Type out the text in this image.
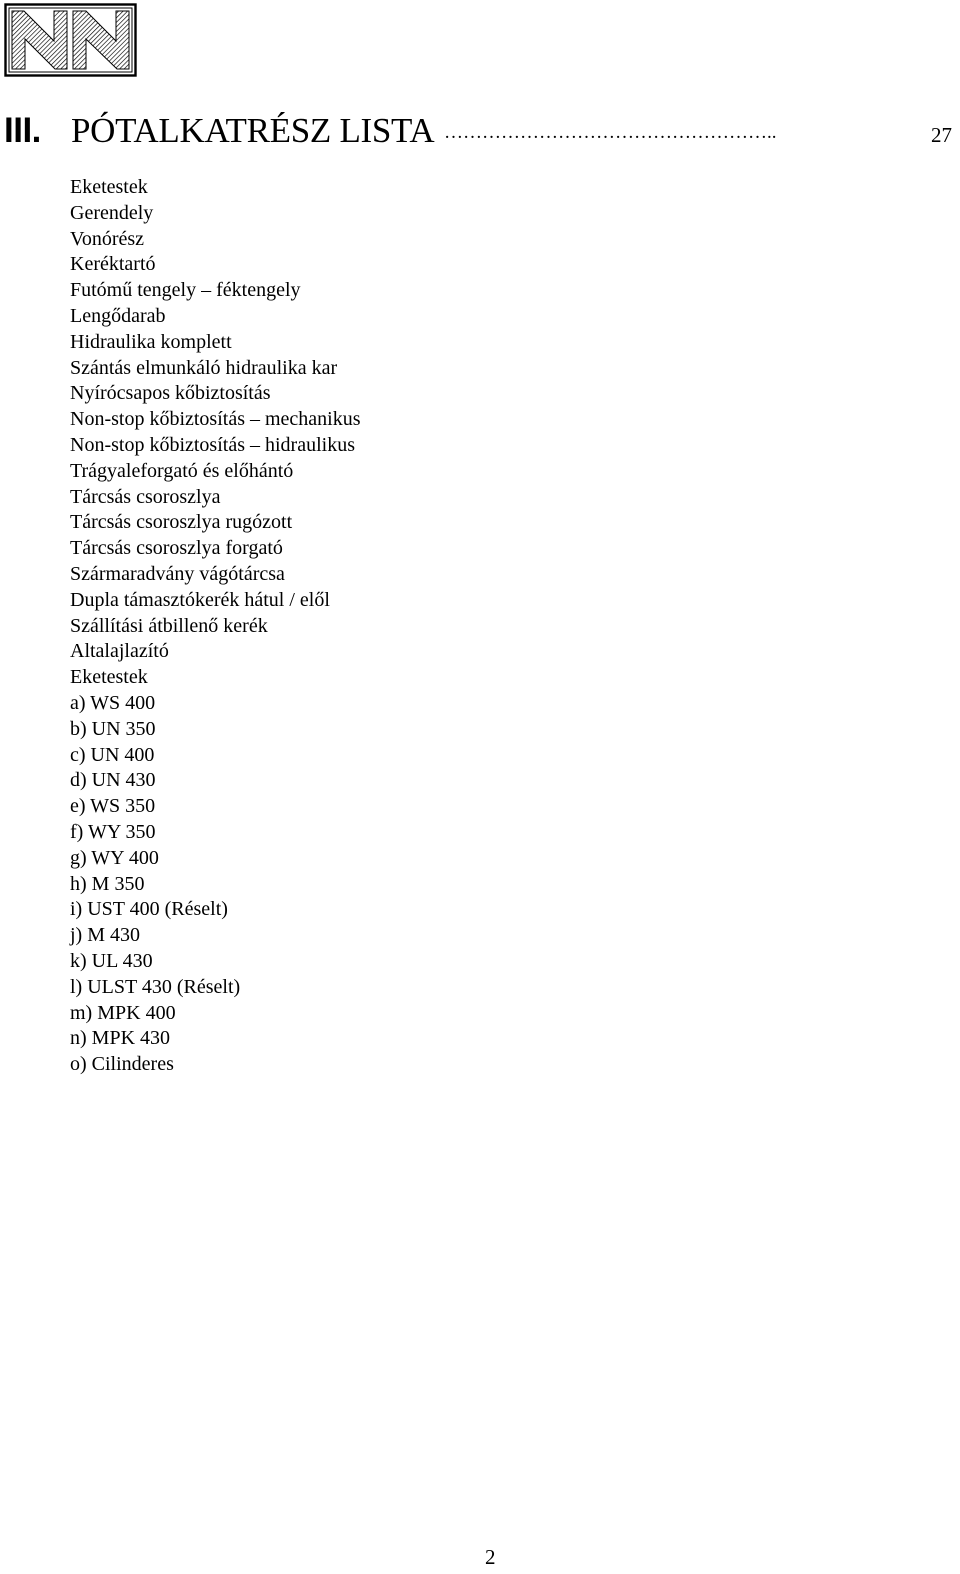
III. PÓTALKATRÉSZ LISTA ……………………………………………..	27
Eketestek
Gerendely
Vonórész
Keréktartó
Futómű tengely – féktengely
Lengődarab
Hidraulika komplett
Szántás elmunkáló hidraulika kar
Nyírócsapos kőbiztosítás
Non-stop kőbiztosítás – mechanikus
Non-stop kőbiztosítás – hidraulikus
Trágyaleforgató és előhántó
Tárcsás csoroszlya
Tárcsás csoroszlya rugózott
Tárcsás csoroszlya forgató
Szármaradvány vágótárcsa
Dupla támasztókerék hátul / elől
Szállítási átbillenő kerék
Altalajlazító
Eketestek
a) WS 400
b) UN 350
c) UN 400
d) UN 430
e) WS 350
f) WY 350
g) WY 400
h) M 350
i) UST 400 (Réselt)
j) M 430
k) UL 430
l) ULST 430 (Réselt)
m) MPK 400
n) MPK 430
o) Cilinderes
2
